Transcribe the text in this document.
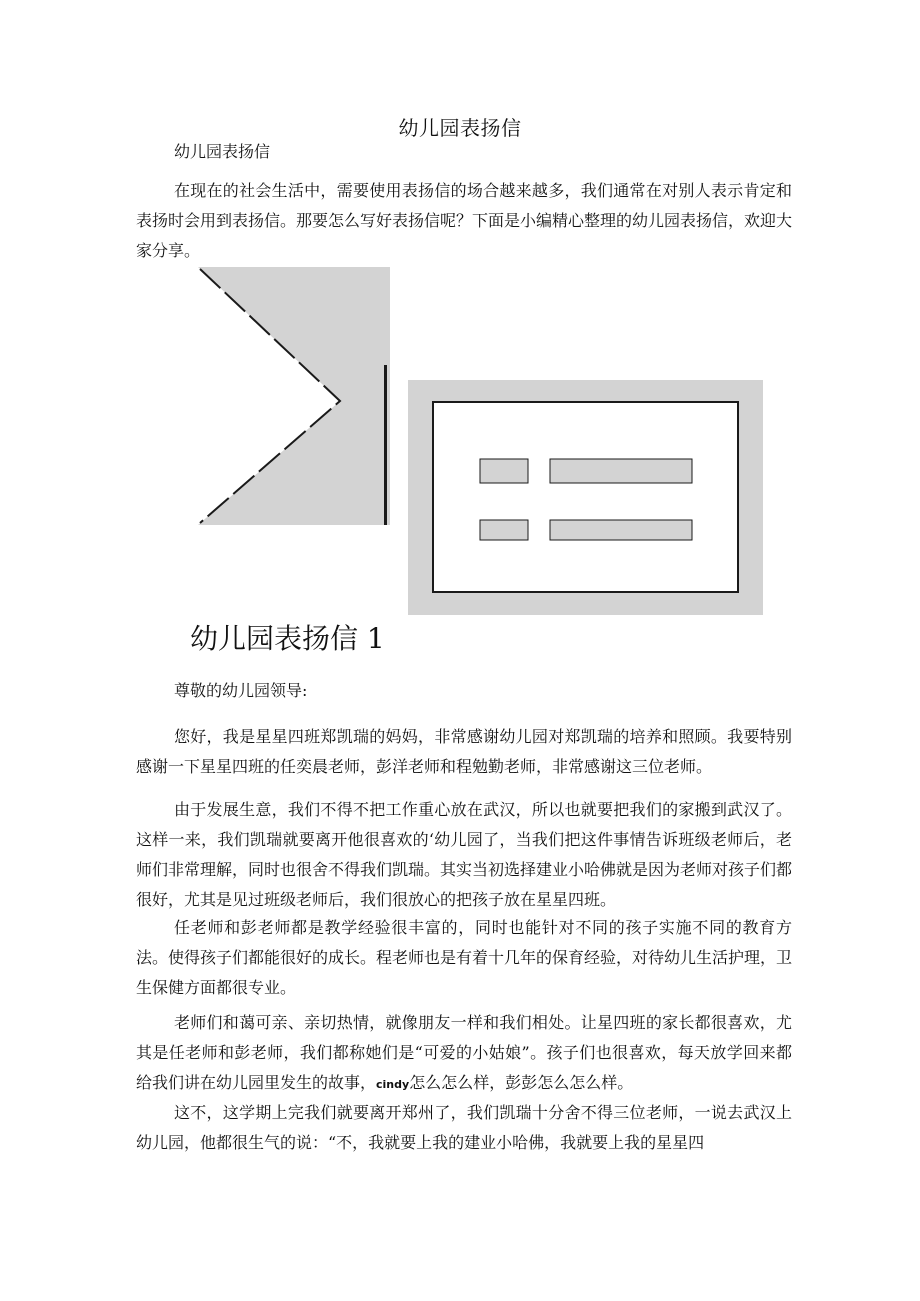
幼儿园表扬信

幼儿园表扬信

在现在的社会生活中，需要使用表扬信的场合越来越多，我们通常在对别人表示肯定和表扬时会用到表扬信。那要怎么写好表扬信呢？下面是小编精心整理的幼儿园表扬信，欢迎大家分享。

幼儿园表扬信 1

尊敬的幼儿园领导:

您好，我是星星四班郑凯瑞的妈妈，非常感谢幼儿园对郑凯瑞的培养和照顾。我要特别感谢一下星星四班的任奕晨老师，彭洋老师和程勉勤老师，非常感谢这三位老师。

由于发展生意，我们不得不把工作重心放在武汉，所以也就要把我们的家搬到武汉了。这样一来，我们凯瑞就要离开他很喜欢的‘幼儿园了，当我们把这件事情告诉班级老师后，老师们非常理解，同时也很舍不得我们凯瑞。其实当初选择建业小哈佛就是因为老师对孩子们都很好，尤其是见过班级老师后，我们很放心的把孩子放在星星四班。

任老师和彭老师都是教学经验很丰富的，同时也能针对不同的孩子实施不同的教育方法。使得孩子们都能很好的成长。程老师也是有着十几年的保育经验，对待幼儿生活护理，卫生保健方面都很专业。

老师们和蔼可亲、亲切热情，就像朋友一样和我们相处。让星四班的家长都很喜欢，尤其是任老师和彭老师，我们都称她们是“可爱的小姑娘”。孩子们也很喜欢，每天放学回来都给我们讲在幼儿园里发生的故事，cindy怎么怎么样，彭彭怎么怎么样。

这不，这学期上完我们就要离开郑州了，我们凯瑞十分舍不得三位老师，一说去武汉上幼儿园，他都很生气的说：“不，我就要上我的建业小哈佛，我就要上我的星星四
